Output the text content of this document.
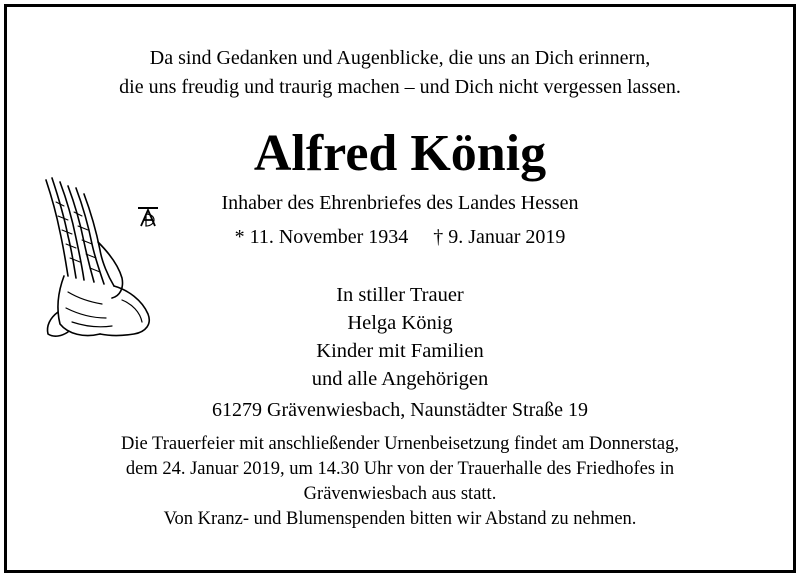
Da sind Gedanken und Augenblicke, die uns an Dich erinnern,
die uns freudig und traurig machen – und Dich nicht vergessen lassen.
Alfred König
Inhaber des Ehrenbriefes des Landes Hessen
* 11. November 1934     † 9. Januar 2019
In stiller Trauer
Helga König
Kinder mit Familien
und alle Angehörigen
61279 Grävenwiesbach, Naunstädter Straße 19
Die Trauerfeier mit anschließender Urnenbeisetzung findet am Donnerstag,
dem 24. Januar 2019, um 14.30 Uhr von der Trauerhalle des Friedhofes in
Grävenwiesbach aus statt.
Von Kranz- und Blumenspenden bitten wir Abstand zu nehmen.
